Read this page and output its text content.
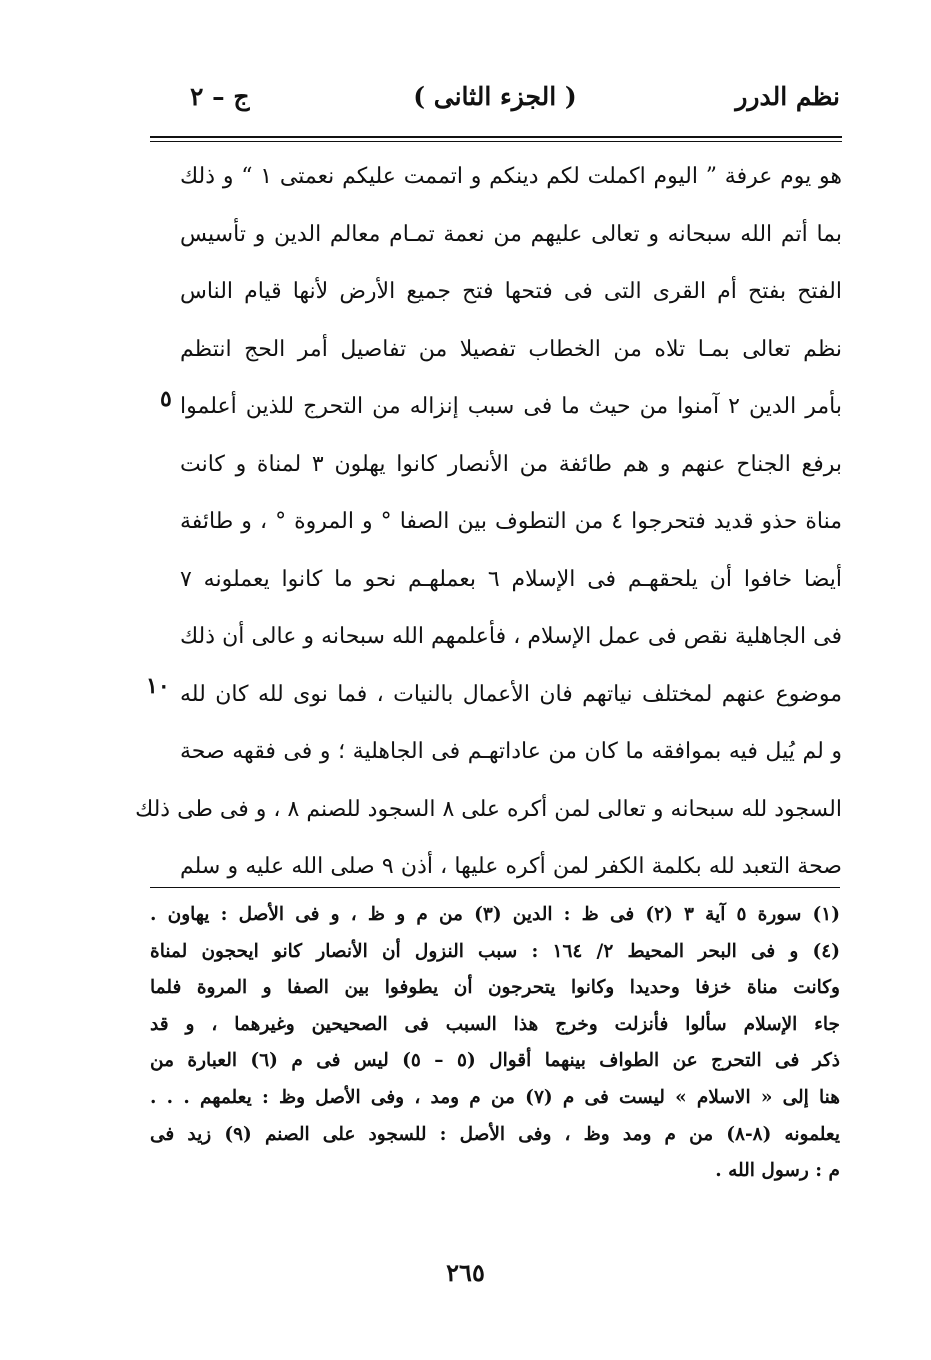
نظم الدرر
( الجزء الثانى )
ج – ٢
هو يوم عرفة ” اليوم اكملت لكم دينكم و اتممت عليكم نعمتى ١ “ و ذلك
بما أتم الله سبحانه و تعالى عليهم من نعمة تمـام معالم الدين و تأسيس
الفتح بفتح أم القرى التى فى فتحها فتح جميع الأرض لأنها قيام الناس
نظم تعالى بمـا تلاه من الخطاب تفصيلا من تفاصيل أمر الحج انتظم
بأمر الدين ٢ آمنوا من حيث ما فى سبب إنزاله من التحرج للذين أعلموا
برفع الجناح عنهم و هم طائفة من الأنصار كانوا يهلون ٣ لمناة و كانت
مناة حذو قديد فتحرجوا ٤ من التطوف بين الصفا ° و المروة ° ، و طائفة
أيضا خافوا أن يلحقهـم فى الإسلام ٦ بعملهـم نحو ما كانوا يعملونه ٧
فى الجاهلية نقص فى عمل الإسلام ، فأعلمهم الله سبحانه و عالى أن ذلك
موضوع عنهم لمختلف نياتهم فان الأعمال بالنيات ، فما نوى لله كان لله
و لم يُيل فيه بموافقه ما كان من عاداتهـم فى الجاهلية ؛ و فى فقهه صحة
السجود لله سبحانه و تعالى لمن أكره على ٨ السجود للصنم ٨ ، و فى طى ذلك
صحة التعبد لله بكلمة الكفر لمن أكره عليها ، أذن ٩ صلى الله عليه و سلم
٥
١٠
(١) سورة ٥ آية ٣ (٢) فى ظ : الدين (٣) من م و ظ ، و فى الأصل : يهاون .
(٤) و فى البحر المحيط ٢/ ١٦٤ : سبب النزول أن الأنصار كانو ايحجون لمناة
وكانت مناة خزفا وحديدا وكانوا يتحرجون أن يطوفوا بين الصفا و المروة فلما
جاء الإسلام سألوا فأنزلت وخرج هذا السبب فى الصحيحين وغيرهما ، و قد
ذكر فى التحرج عن الطواف بينهما أقوال (٥ – ٥) ليس فى م (٦) العبارة من
هنا إلى « الاسلام » ليست فى م (٧) من م ومد ، وفى الأصل وظ : يعلمهم . . .
يعلمونه (٨-٨) من م ومد وظ ، وفى الأصل : للسجود على الصنم (٩) زيد فى
م : رسول الله .
٢٦٥
